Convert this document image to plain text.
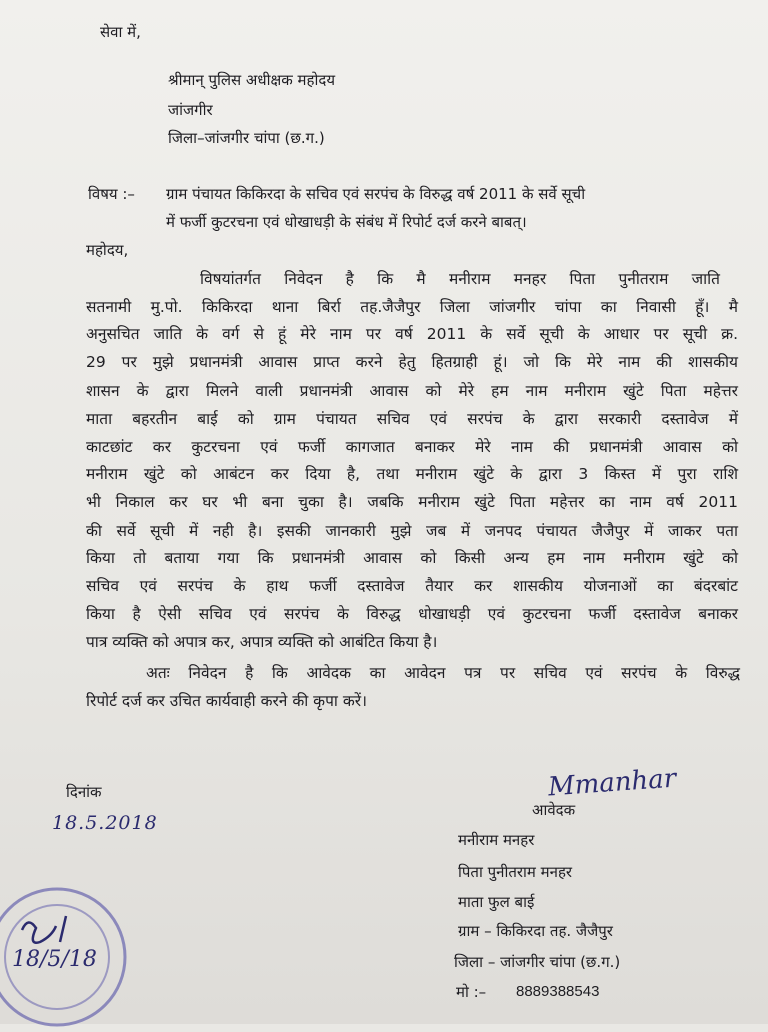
सेवा में,
श्रीमान् पुलिस अधीक्षक महोदय
जांजगीर
जिला–जांजगीर चांपा (छ.ग.)
विषय :– ग्राम पंचायत किकिरदा के सचिव एवं सरपंच के विरुद्ध वर्ष 2011 के सर्वे सूची
में फर्जी कुटरचना एवं धोखाधड़ी के संबंध में रिपोर्ट दर्ज करने बाबत्।
महोदय,
विषयांतर्गत निवेदन है कि मै मनीराम मनहर पिता पुनीतराम जाति
सतनामी मु.पो. किकिरदा थाना बिर्रा तह.जैजैपुर जिला जांजगीर चांपा का निवासी हूँ। मै
अनुसचित जाति के वर्ग से हूं मेरे नाम पर वर्ष 2011 के सर्वे सूची के आधार पर सूची क्र.
29 पर मुझे प्रधानमंत्री आवास प्राप्त करने हेतु हितग्राही हूं। जो कि मेरे नाम की शासकीय
शासन के द्वारा मिलने वाली प्रधानमंत्री आवास को मेरे हम नाम मनीराम खुंटे पिता महेत्तर
माता बहरतीन बाई को ग्राम पंचायत सचिव एवं सरपंच के द्वारा सरकारी दस्तावेज में
काटछांट कर कुटरचना एवं फर्जी कागजात बनाकर मेरे नाम की प्रधानमंत्री आवास को
मनीराम खुंटे को आबंटन कर दिया है, तथा मनीराम खुंटे के द्वारा 3 किस्त में पुरा राशि
भी निकाल कर घर भी बना चुका है। जबकि मनीराम खुंटे पिता महेत्तर का नाम वर्ष 2011
की सर्वे सूची में नही है। इसकी जानकारी मुझे जब में जनपद पंचायत जैजैपुर में जाकर पता
किया तो बताया गया कि प्रधानमंत्री आवास को किसी अन्य हम नाम मनीराम खुंटे को
सचिव एवं सरपंच के हाथ फर्जी दस्तावेज तैयार कर शासकीय योजनाओं का बंदरबांट
किया है ऐसी सचिव एवं सरपंच के विरुद्ध धोखाधड़ी एवं कुटरचना फर्जी दस्तावेज बनाकर
पात्र व्यक्ति को अपात्र कर, अपात्र व्यक्ति को आबंटित किया है।
अतः निवेदन है कि आवेदक का आवेदन पत्र पर सचिव एवं सरपंच के विरुद्ध
रिपोर्ट दर्ज कर उचित कार्यवाही करने की कृपा करें।
दिनांक
18.5.2018
Mmanhar
आवेदक
मनीराम मनहर
पिता पुनीतराम मनहर
माता फुल बाई
ग्राम – किकिरदा तह. जैजैपुर
जिला – जांजगीर चांपा (छ.ग.)
मो :– 8889388543
18/5/18
